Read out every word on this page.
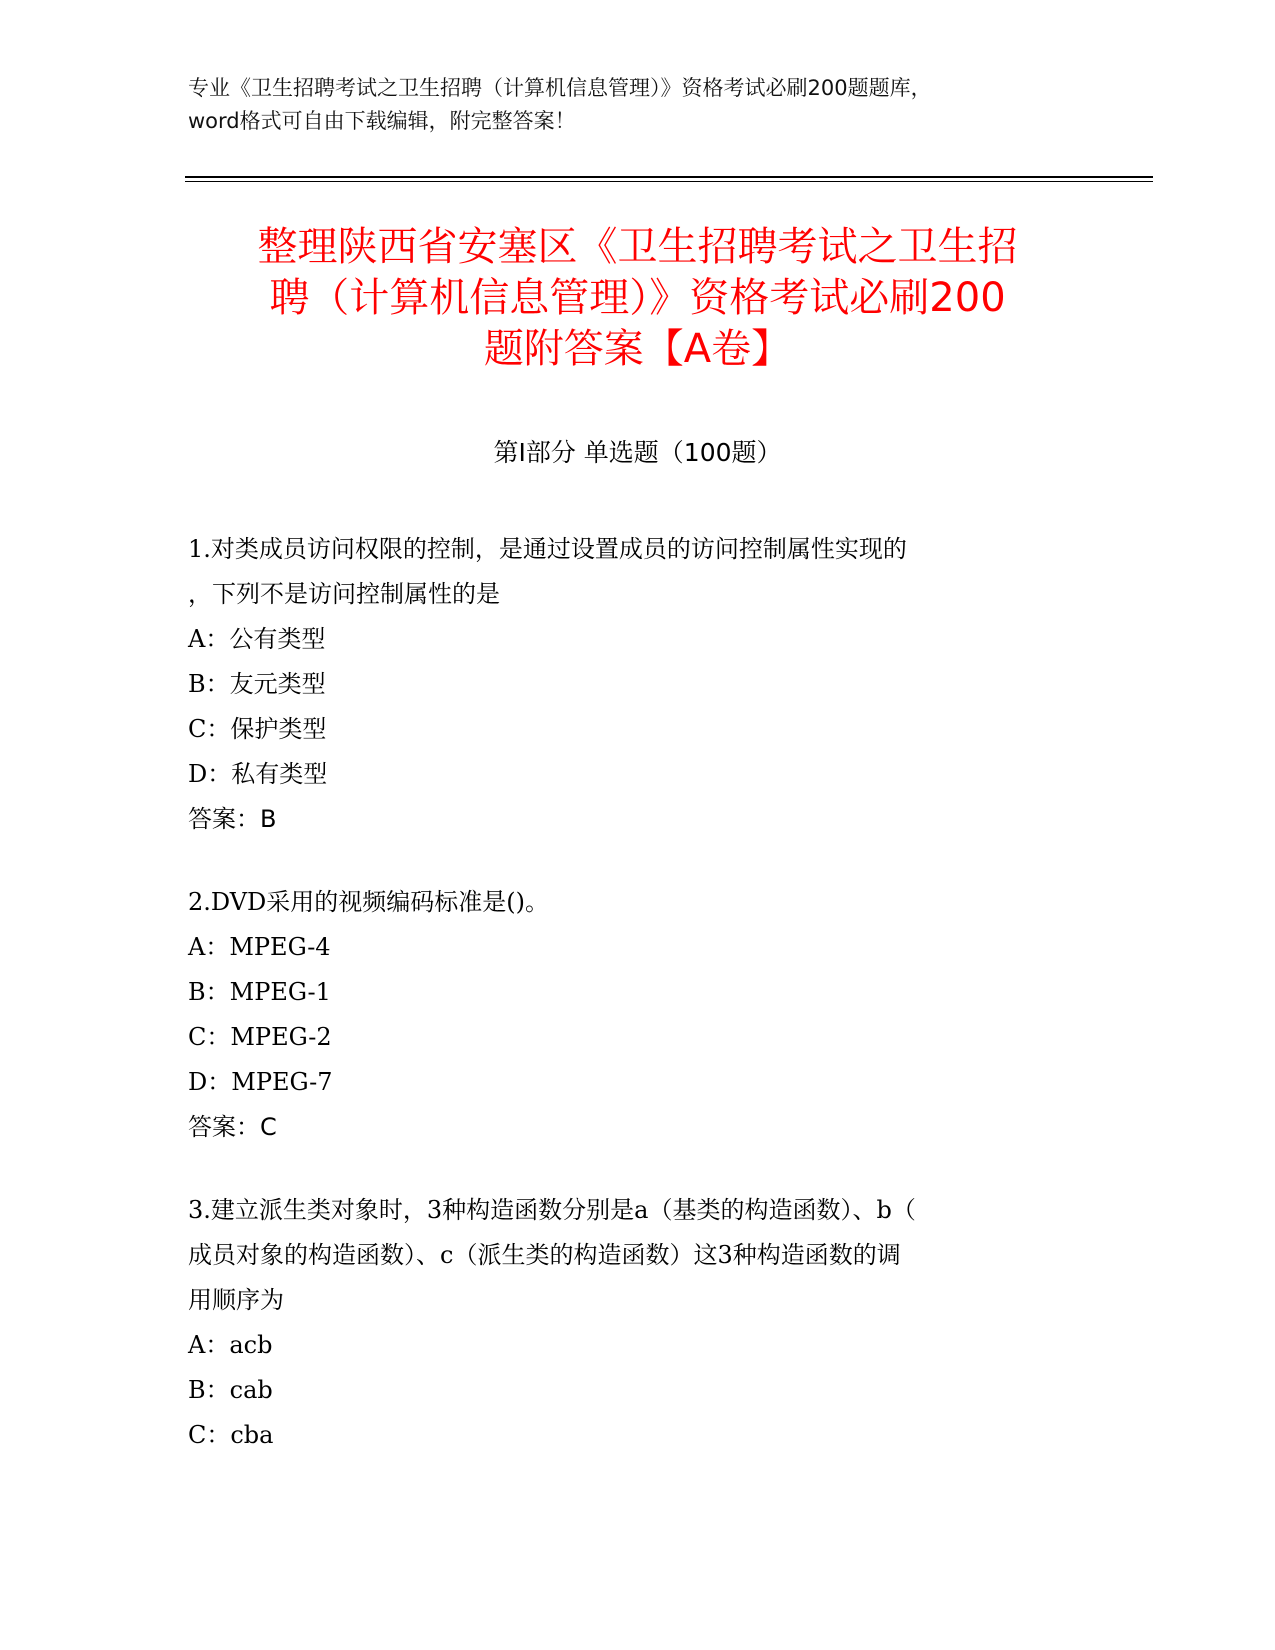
专业《卫生招聘考试之卫生招聘（计算机信息管理）》资格考试必刷200题题库，
word格式可自由下载编辑，附完整答案！
整理陕西省安塞区《卫生招聘考试之卫生招
聘（计算机信息管理）》资格考试必刷200
题附答案【A卷】
第Ⅰ部分 单选题（100题）
1.对类成员访问权限的控制，是通过设置成员的访问控制属性实现的
，下列不是访问控制属性的是
A：公有类型
B：友元类型
C：保护类型
D：私有类型
答案：B
2.DVD采用的视频编码标准是()。
A：MPEG-4
B：MPEG-1
C：MPEG-2
D：MPEG-7
答案：C
3.建立派生类对象时，3种构造函数分别是a（基类的构造函数）、b（
成员对象的构造函数）、c（派生类的构造函数）这3种构造函数的调
用顺序为
A：acb
B：cab
C：cba
